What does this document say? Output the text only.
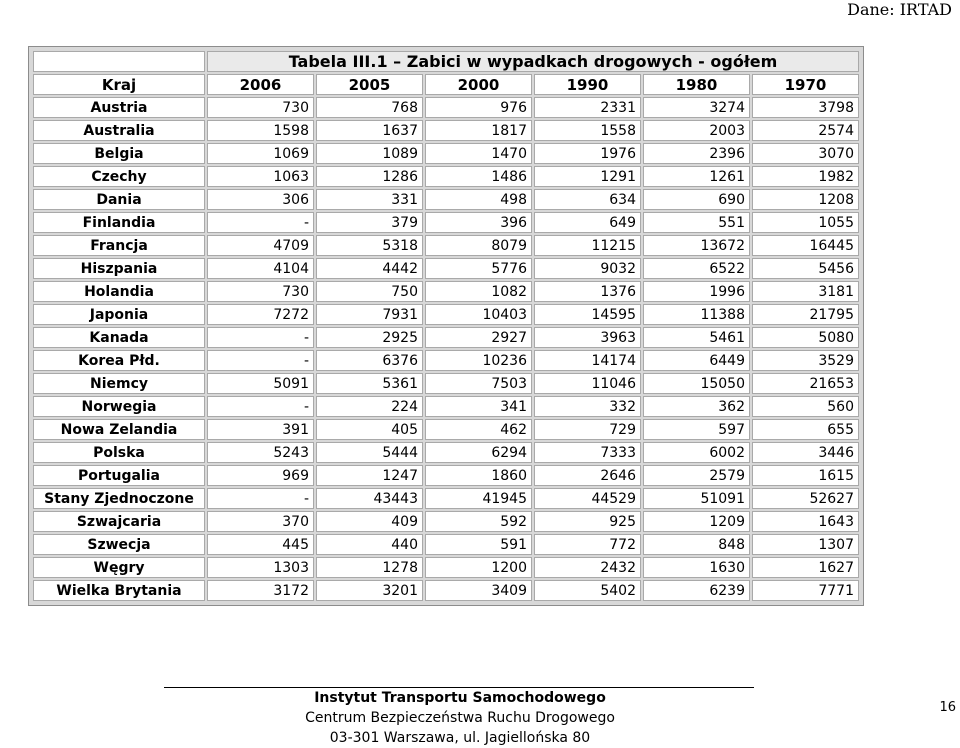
Dane: IRTAD
	Tabela III.1 – Zabici w wypadkach drogowych - ogółem					
Kraj	2006	2005	2000	1990	1980	1970
Austria	730	768	976	2331	3274	3798
Australia	1598	1637	1817	1558	2003	2574
Belgia	1069	1089	1470	1976	2396	3070
Czechy	1063	1286	1486	1291	1261	1982
Dania	306	331	498	634	690	1208
Finlandia	-	379	396	649	551	1055
Francja	4709	5318	8079	11215	13672	16445
Hiszpania	4104	4442	5776	9032	6522	5456
Holandia	730	750	1082	1376	1996	3181
Japonia	7272	7931	10403	14595	11388	21795
Kanada	-	2925	2927	3963	5461	5080
Korea Płd.	-	6376	10236	14174	6449	3529
Niemcy	5091	5361	7503	11046	15050	21653
Norwegia	-	224	341	332	362	560
Nowa Zelandia	391	405	462	729	597	655
Polska	5243	5444	6294	7333	6002	3446
Portugalia	969	1247	1860	2646	2579	1615
Stany Zjednoczone	-	43443	41945	44529	51091	52627
Szwajcaria	370	409	592	925	1209	1643
Szwecja	445	440	591	772	848	1307
Węgry	1303	1278	1200	2432	1630	1627
Wielka Brytania	3172	3201	3409	5402	6239	7771
Instytut Transportu Samochodowego
Centrum Bezpieczeństwa Ruchu Drogowego
03-301 Warszawa, ul. Jagiellońska 80
16
